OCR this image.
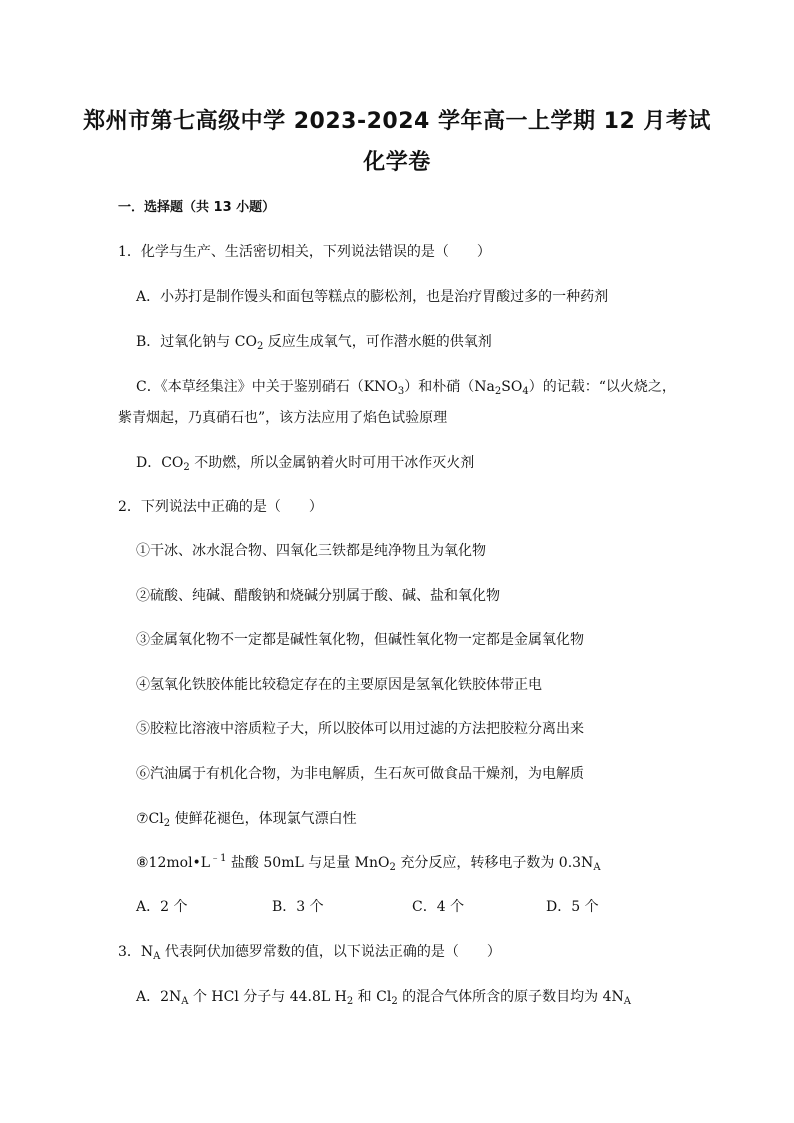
郑州市第七高级中学 2023-2024 学年高一上学期 12 月考试
化学卷
一．选择题（共 13 小题）
1．化学与生产、生活密切相关，下列说法错误的是（　　）
A．小苏打是制作馒头和面包等糕点的膨松剂，也是治疗胃酸过多的一种药剂
B．过氧化钠与 $CO_2$ 反应生成氧气，可作潜水艇的供氧剂
C．《本草经集注》中关于鉴别硝石$(KNO_3)$和朴硝$(Na_2SO_4)$的记载：“以火烧之，
紫青烟起，乃真硝石也”，该方法应用了焰色试验原理
D．$CO_2$ 不助燃，所以金属钠着火时可用干冰作灭火剂
2．下列说法中正确的是（　　）
①干冰、冰水混合物、四氧化三铁都是纯净物且为氧化物
②硫酸、纯碱、醋酸钠和烧碱分别属于酸、碱、盐和氧化物
③金属氧化物不一定都是碱性氧化物，但碱性氧化物一定都是金属氧化物
④氢氧化铁胶体能比较稳定存在的主要原因是氢氧化铁胶体带正电
⑤胶粒比溶液中溶质粒子大，所以胶体可以用过滤的方法把胶粒分离出来
⑥汽油属于有机化合物，为非电解质，生石灰可做食品干燥剂，为电解质
$⑦Cl_2$ 使鲜花褪色，体现氯气漂白性
$⑧12mol•L^{﹣1}$ 盐酸 50mL 与足量 MnO$_2$ 充分反应，转移电子数为 $0.3N_A$
A．2 个	B．3 个	C．4 个	D．5 个
3．$N_A$ 代表阿伏加德罗常数的值，以下说法正确的是（　　）
A．$2N_A$ 个 HCl 分子与 44.8L $H_2$ 和 $Cl_2$ 的混合气体所含的原子数目均为 $4N_A$
